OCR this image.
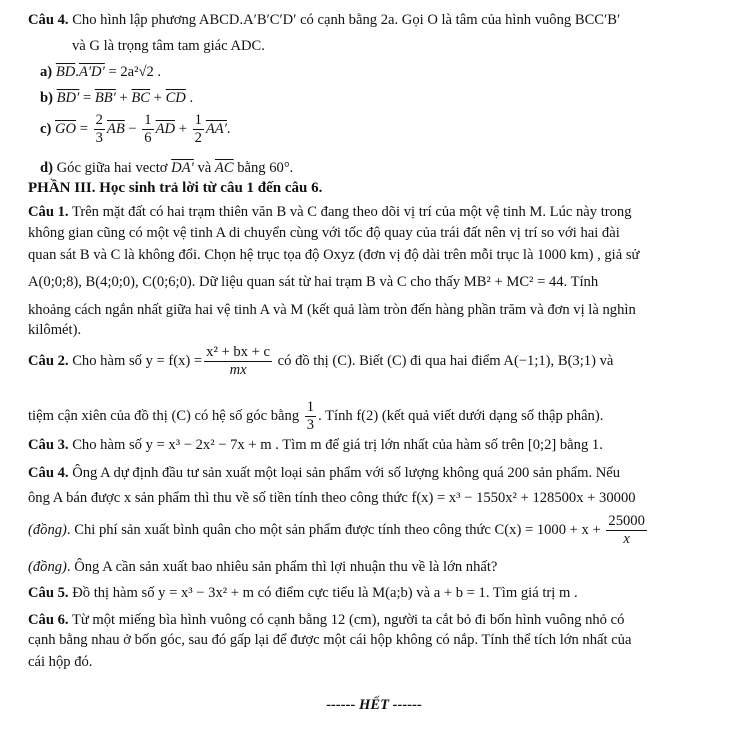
Câu 4. Cho hình lập phương ABCD.A′B′C′D′ có cạnh bằng 2a. Gọi O là tâm của hình vuông BCC′B′
và G là trọng tâm tam giác ADC.
a) $\overline{BD}.A'D' = 2a^2√2$ .
b) $BD' = BB' + \overline{BC} + \overline{CD}$ .
c) $\overline{GO} = \frac{2}{3} \overline{AB} - \frac{1}{6} \overline{AD} + \frac{1}{2} AA'$.
d) Góc giữa hai vectơ DA′ và $\overline{AC}$ bằng 60°.
PHẦN III. Học sinh trả lời từ câu 1 đến câu 6.
Câu 1. Trên mặt đất có hai trạm thiên văn B và C đang theo dõi vị trí của một vệ tinh M. Lúc này trong
không gian cũng có một vệ tinh A di chuyển cùng với tốc độ quay của trái đất nên vị trí so với hai đài
quan sát B và C là không đổi. Chọn hệ trục tọa độ Oxyz (đơn vị độ dài trên mỗi trục là 1000 km) , giả sử
A(0;0;8), B(4;0;0), C(0;6;0). Dữ liệu quan sát từ hai trạm B và C cho thấy MB² + MC² = 44. Tính
khoảng cách ngắn nhất giữa hai vệ tinh A và M (kết quả làm tròn đến hàng phần trăm và đơn vị là nghìn
kilômét).
Câu 2. Cho hàm số $y = f(x) = \frac{\text{x² + bx + c}}{mx}$ có đồ thị (C). Biết (C) đi qua hai điểm A(−1;1), B(3;1) và
tiệm cận xiên của đồ thị (C) có hệ số góc bằng $\frac{1}{3}$ . Tính f(2) (kết quả viết dưới dạng số thập phân).
Câu 3. Cho hàm số y = x³ − 2x² − 7x + m . Tìm m để giá trị lớn nhất của hàm số trên [0;2] bằng 1.
Câu 4. Ông A dự định đầu tư sản xuất một loại sản phẩm với số lượng không quá 200 sản phẩm. Nếu
ông A bán được x sản phẩm thì thu về số tiền tính theo công thức f(x) = x³ − 1550x² + 128500x + 30000
(đồng). Chi phí sản xuất bình quân cho một sản phẩm được tính theo công thức $C(x) = 1000 + x + \frac{25000}{x}$
(đồng). Ông A cần sản xuất bao nhiêu sản phẩm thì lợi nhuận thu về là lớn nhất?
Câu 5. Đồ thị hàm số y = x³ − 3x² + m có điểm cực tiểu là M(a;b) và a + b = 1. Tìm giá trị m .
Câu 6. Từ một miếng bìa hình vuông có cạnh bằng 12 (cm), người ta cắt bỏ đi bốn hình vuông nhỏ có
cạnh bằng nhau ở bốn góc, sau đó gấp lại để được một cái hộp không có nắp. Tính thể tích lớn nhất của
cái hộp đó.
------ HẾT ------
